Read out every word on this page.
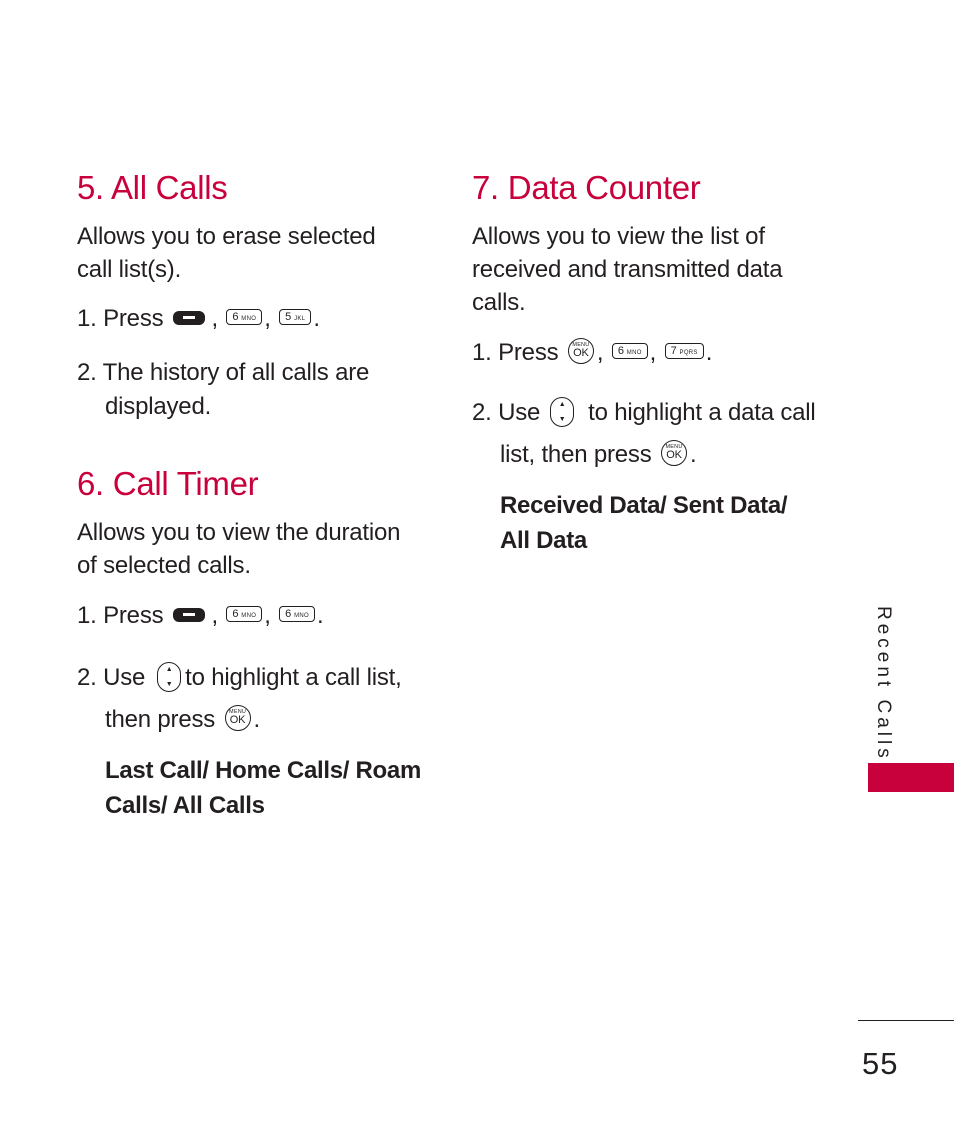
5. All Calls

Allows you to erase selected call list(s).

1. Press , 6 MNO , 5 JKL .

2. The history of all calls are
displayed.

6. Call Timer

Allows you to view the duration of selected calls.

1. Press , 6 MNO , 6 MNO .

2. Use	▲
▼ to highlight a call list,
then press	MENU
OK .

Last Call/ Home Calls/ Roam Calls/ All Calls

7. Data Counter

Allows you to view the list of received and transmitted data calls.

1. Press	MENU
OK , 6 MNO , 7 PQRS .

2. Use	▲
▼ to highlight a data call
list, then press	MENU
OK .

Received Data/ Sent Data/ All Data

Recent Calls
55
